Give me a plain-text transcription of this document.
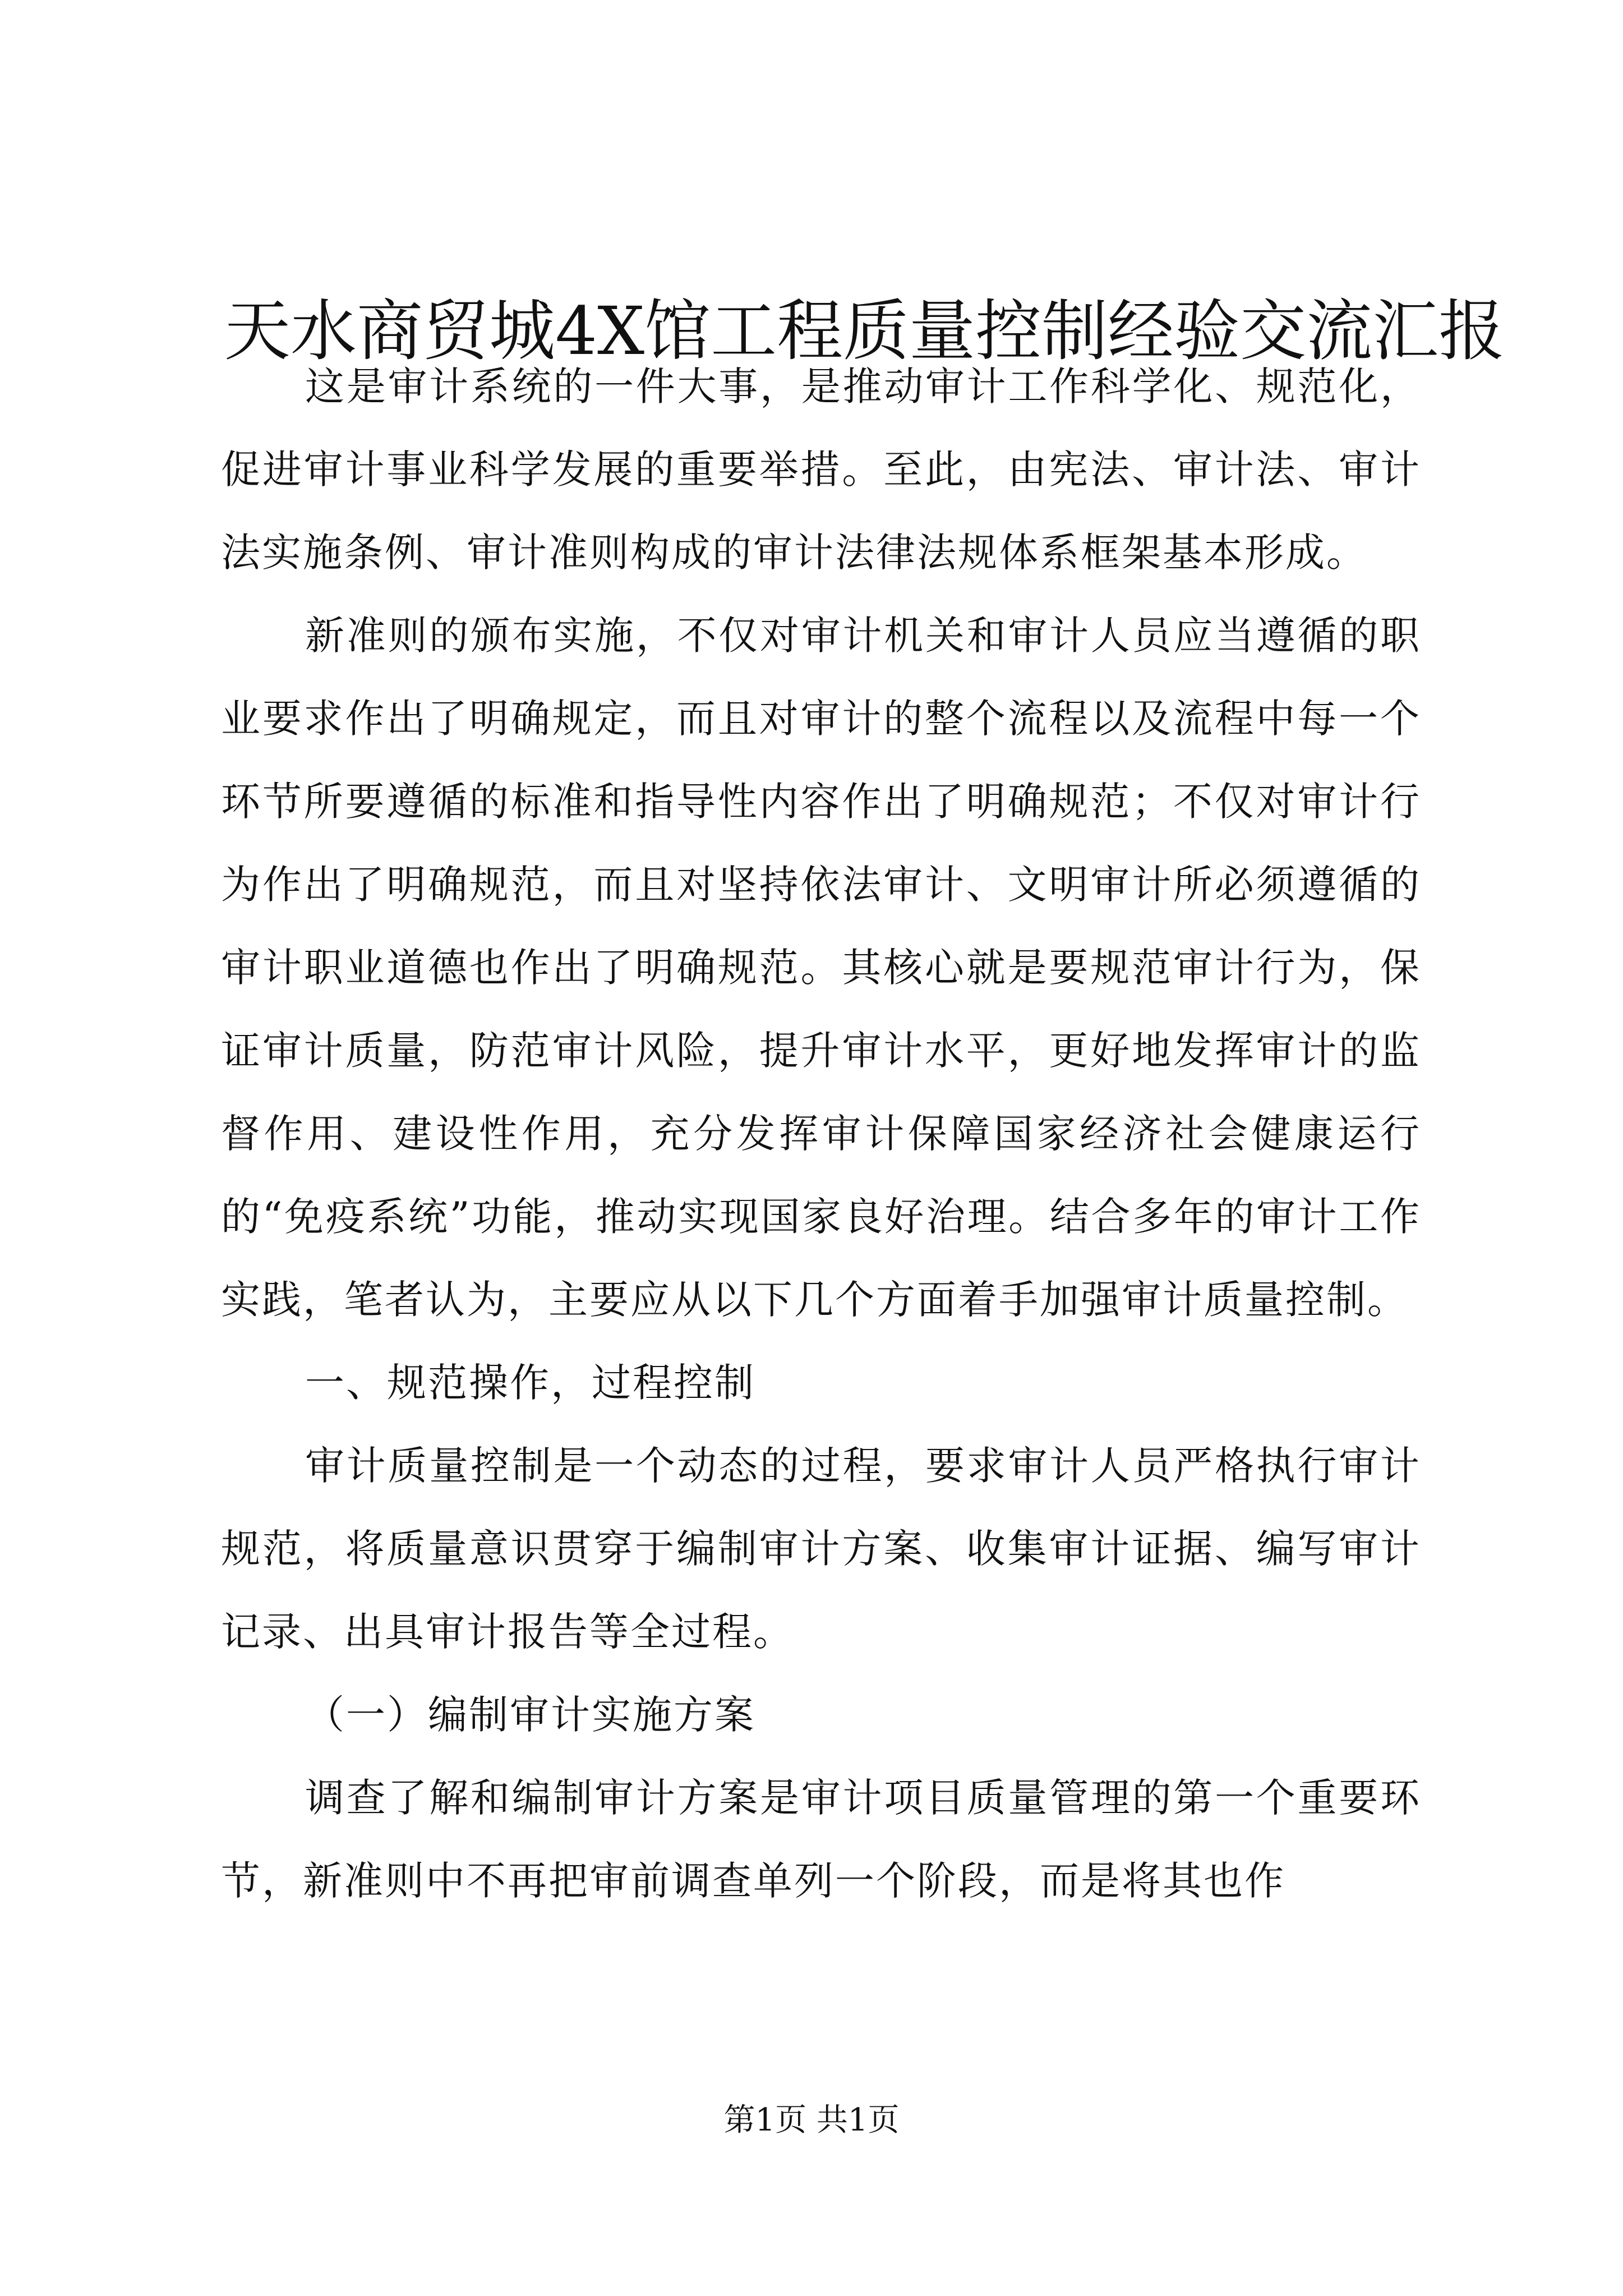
天水商贸城4X馆工程质量控制经验交流汇报

这是审计系统的一件大事，是推动审计工作科学化、规范化，促进审计事业科学发展的重要举措。至此，由宪法、审计法、审计法实施条例、审计准则构成的审计法律法规体系框架基本形成。

新准则的颁布实施，不仅对审计机关和审计人员应当遵循的职业要求作出了明确规定，而且对审计的整个流程以及流程中每一个环节所要遵循的标准和指导性内容作出了明确规范；不仅对审计行为作出了明确规范，而且对坚持依法审计、文明审计所必须遵循的审计职业道德也作出了明确规范。其核心就是要规范审计行为，保证审计质量，防范审计风险，提升审计水平，更好地发挥审计的监督作用、建设性作用，充分发挥审计保障国家经济社会健康运行的“免疫系统”功能，推动实现国家良好治理。结合多年的审计工作实践，笔者认为，主要应从以下几个方面着手加强审计质量控制。

一、规范操作，过程控制

审计质量控制是一个动态的过程，要求审计人员严格执行审计规范，将质量意识贯穿于编制审计方案、收集审计证据、编写审计记录、出具审计报告等全过程。

（一）编制审计实施方案

调查了解和编制审计方案是审计项目质量管理的第一个重要环节，新准则中不再把审前调查单列一个阶段，而是将其也作

第1页 共1页
